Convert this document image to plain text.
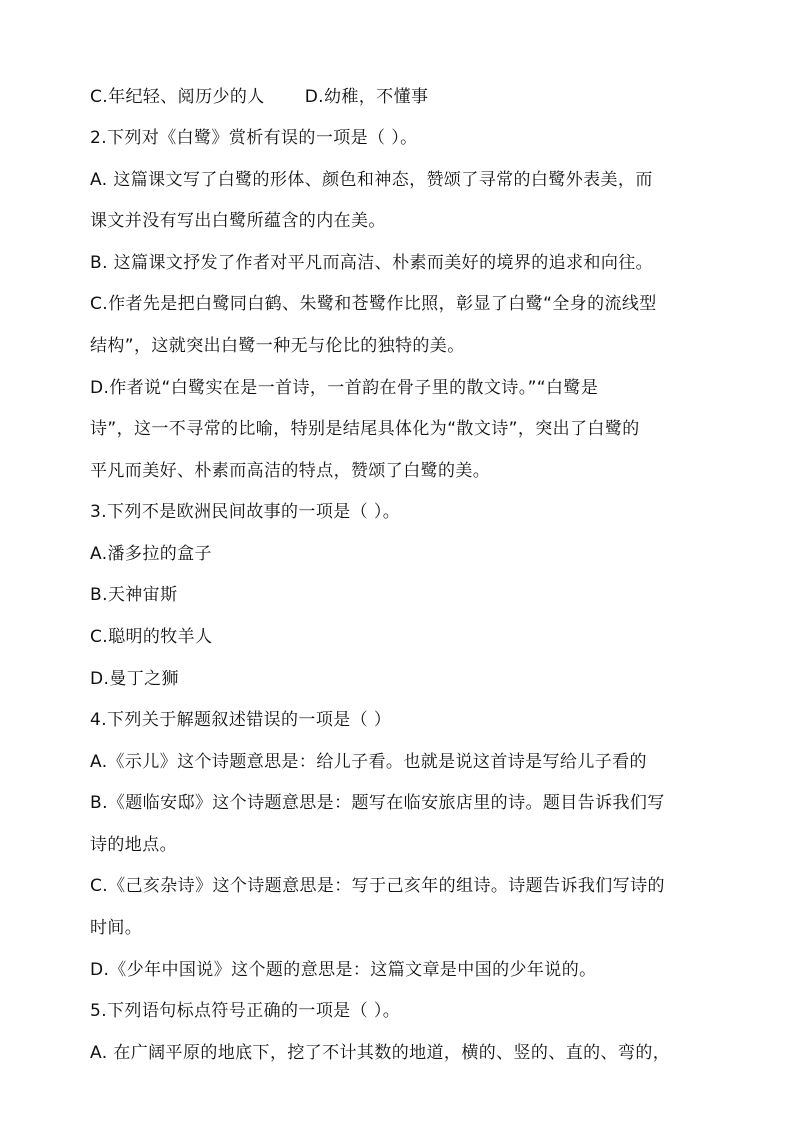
C.年纪轻、阅历少的人 D.幼稚，不懂事
2.下列对《白鹭》赏析有误的一项是（ ）。
A. 这篇课文写了白鹭的形体、颜色和神态，赞颂了寻常的白鹭外表美，而
课文并没有写出白鹭所蕴含的内在美。
B. 这篇课文抒发了作者对平凡而高洁、朴素而美好的境界的追求和向往。
C.作者先是把白鹭同白鹤、朱鹭和苍鹭作比照，彰显了白鹭“全身的流线型
结构”，这就突出白鹭一种无与伦比的独特的美。
D.作者说“白鹭实在是一首诗，一首韵在骨子里的散文诗。”“白鹭是
诗”，这一不寻常的比喻，特别是结尾具体化为“散文诗”，突出了白鹭的
平凡而美好、朴素而高洁的特点，赞颂了白鹭的美。
3.下列不是欧洲民间故事的一项是（ ）。
A.潘多拉的盒子
B.天神宙斯
C.聪明的牧羊人
D.曼丁之狮
4.下列关于解题叙述错误的一项是（ ）
A.《示儿》这个诗题意思是：给儿子看。也就是说这首诗是写给儿子看的
B.《题临安邸》这个诗题意思是：题写在临安旅店里的诗。题目告诉我们写
诗的地点。
C.《己亥杂诗》这个诗题意思是：写于己亥年的组诗。诗题告诉我们写诗的
时间。
D.《少年中国说》这个题的意思是：这篇文章是中国的少年说的。
5.下列语句标点符号正确的一项是（ ）。
A. 在广阔平原的地底下，挖了不计其数的地道，横的、竖的、直的、弯的，
